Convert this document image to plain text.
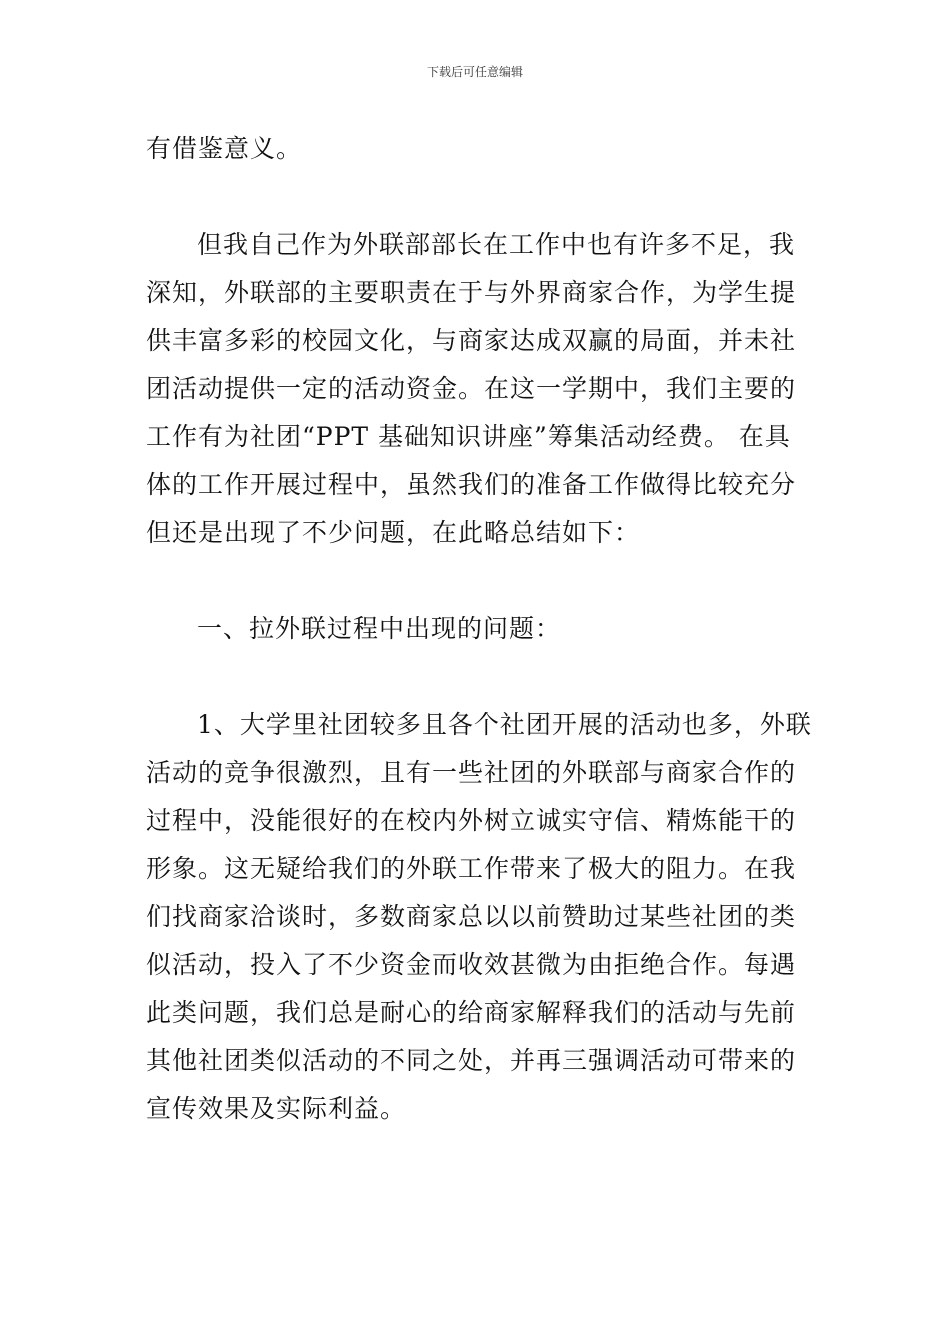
下载后可任意编辑
有借鉴意义。
但我自己作为外联部部长在工作中也有许多不足，我
深知，外联部的主要职责在于与外界商家合作，为学生提
供丰富多彩的校园文化，与商家达成双赢的局面，并未社
团活动提供一定的活动资金。在这一学期中，我们主要的
工作有为社团“PPT 基础知识讲座”筹集活动经费。 在具
体的工作开展过程中，虽然我们的准备工作做得比较充分
但还是出现了不少问题，在此略总结如下：
一、拉外联过程中出现的问题：
1、大学里社团较多且各个社团开展的活动也多，外联
活动的竞争很激烈，且有一些社团的外联部与商家合作的
过程中，没能很好的在校内外树立诚实守信、精炼能干的
形象。这无疑给我们的外联工作带来了极大的阻力。在我
们找商家洽谈时，多数商家总以以前赞助过某些社团的类
似活动，投入了不少资金而收效甚微为由拒绝合作。每遇
此类问题，我们总是耐心的给商家解释我们的活动与先前
其他社团类似活动的不同之处，并再三强调活动可带来的
宣传效果及实际利益。
